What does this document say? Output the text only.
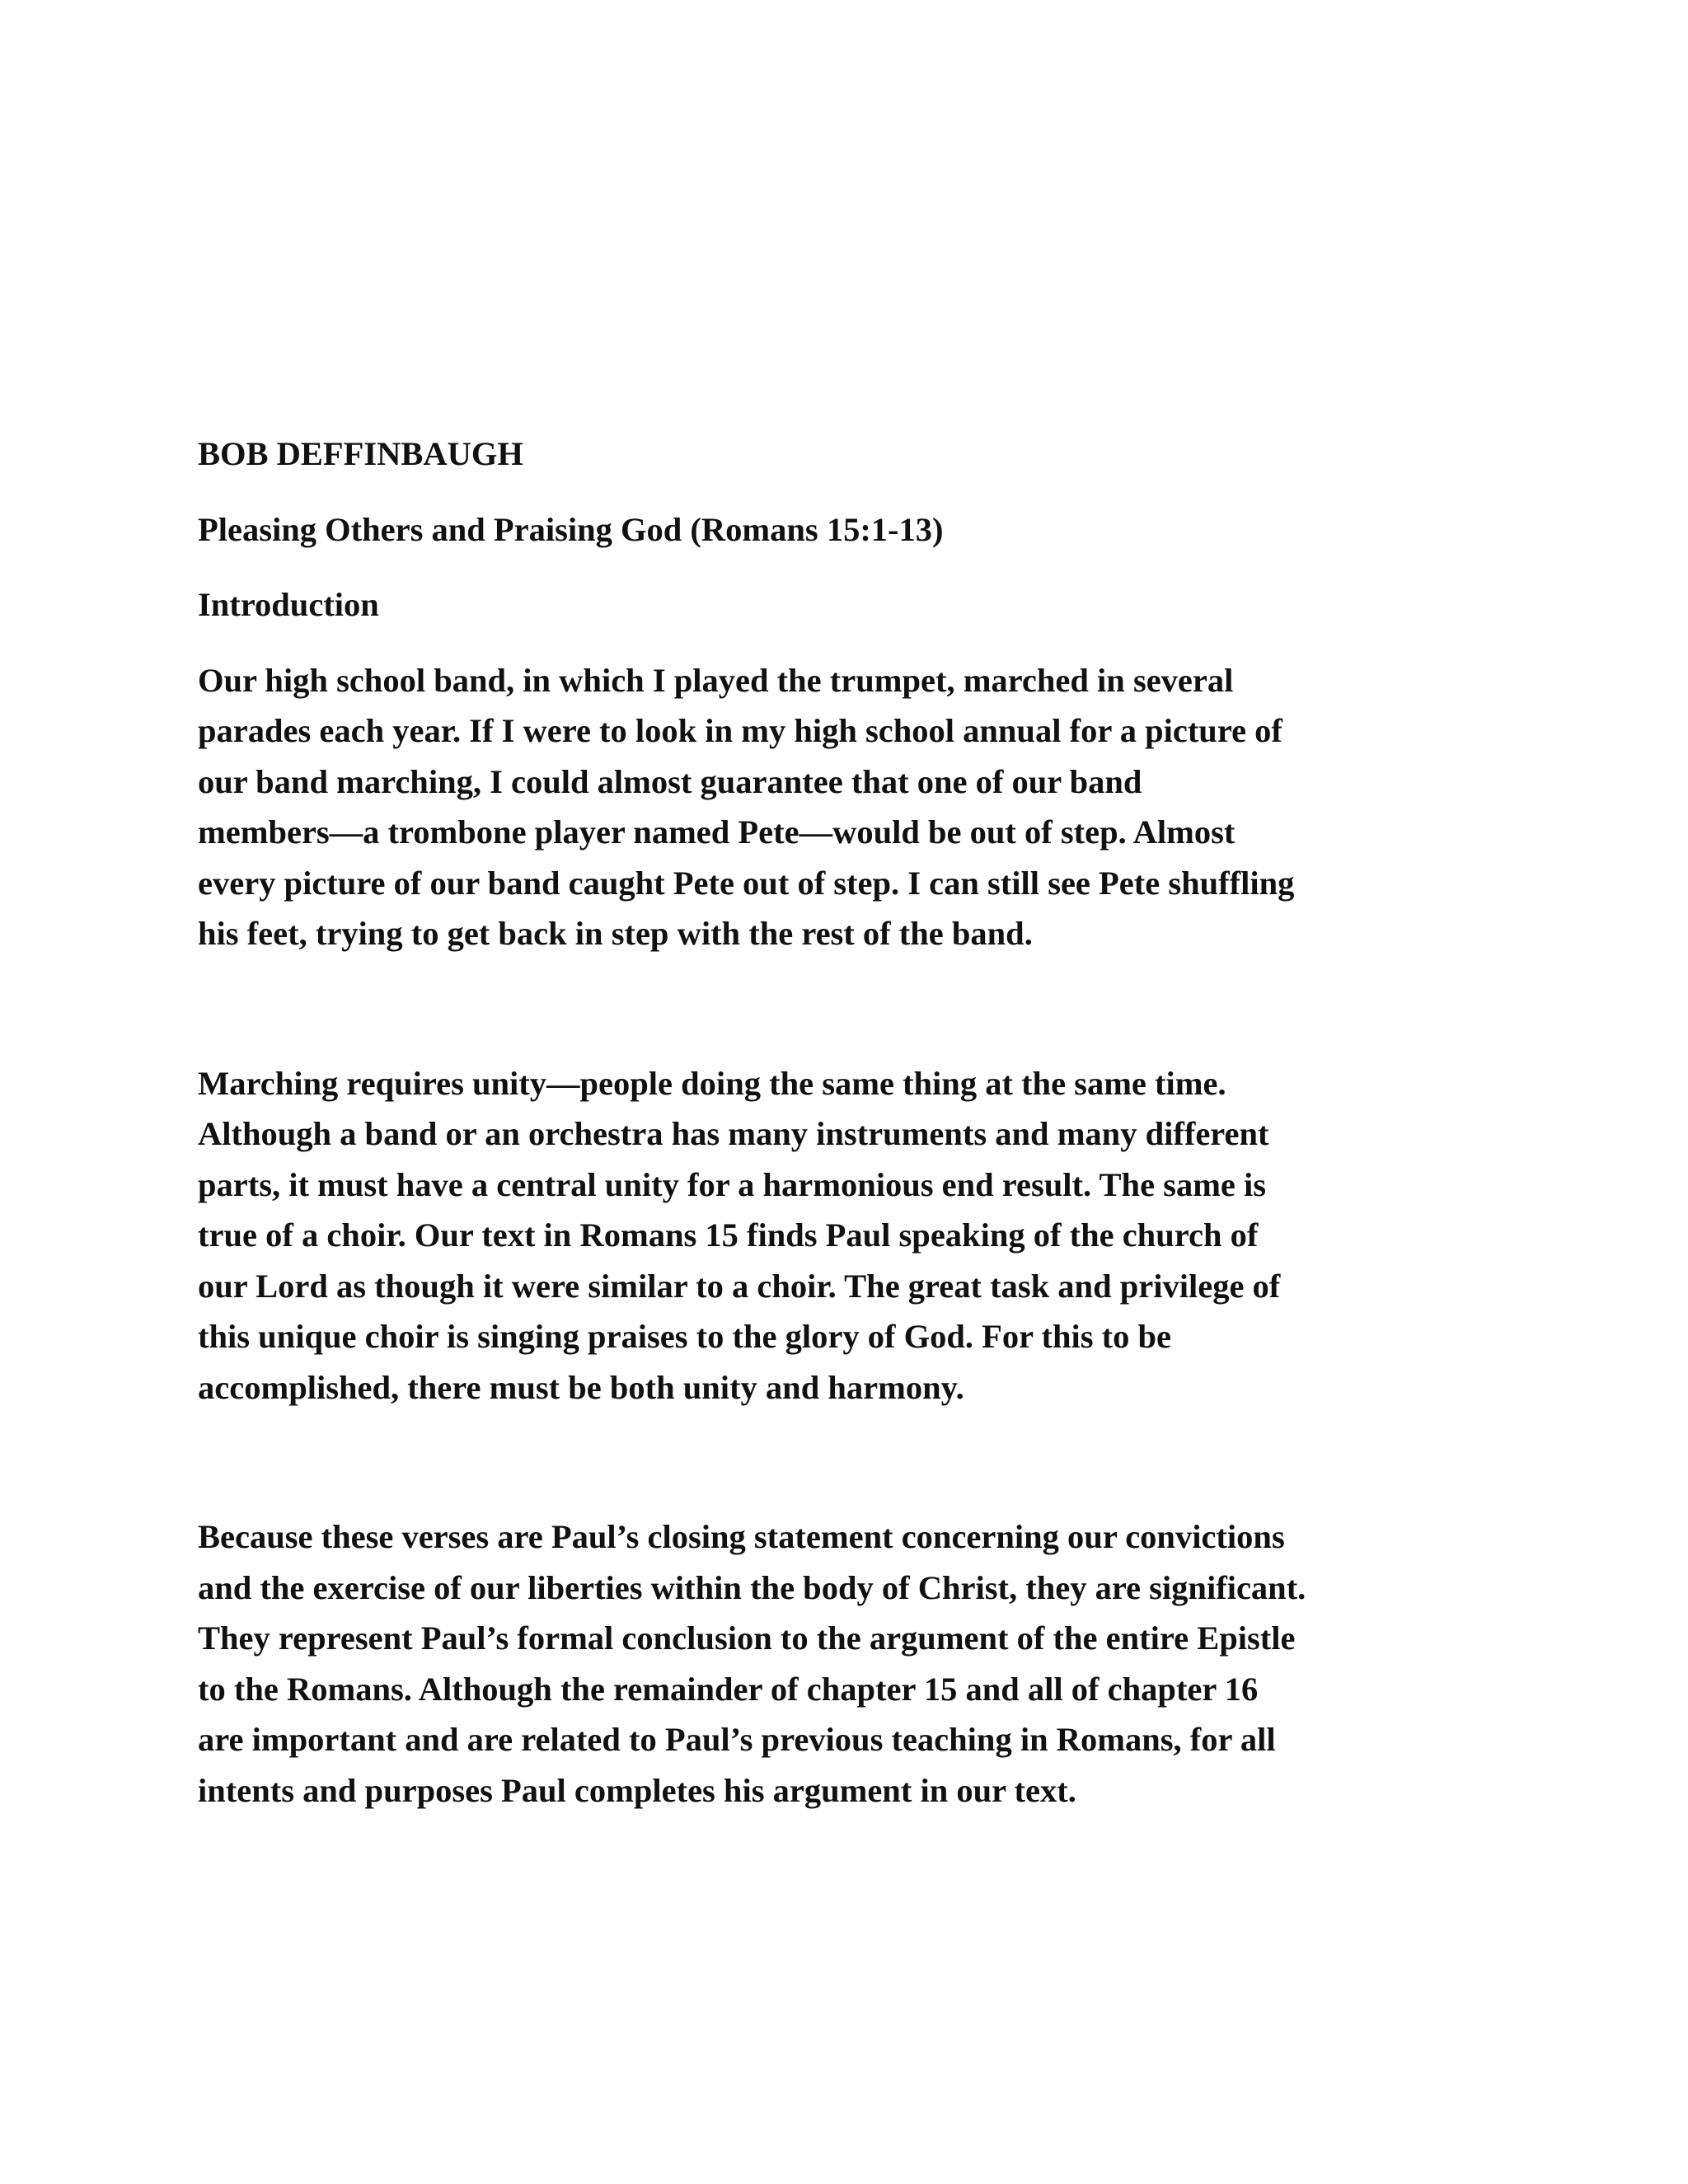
BOB DEFFINBAUGH

Pleasing Others and Praising God (Romans 15:1-13)

Introduction

Our high school band, in which I played the trumpet, marched in several
parades each year. If I were to look in my high school annual for a picture of
our band marching, I could almost guarantee that one of our band
members—a trombone player named Pete—would be out of step. Almost
every picture of our band caught Pete out of step. I can still see Pete shuffling
his feet, trying to get back in step with the rest of the band.
Marching requires unity—people doing the same thing at the same time.
Although a band or an orchestra has many instruments and many different
parts, it must have a central unity for a harmonious end result. The same is
true of a choir. Our text in Romans 15 finds Paul speaking of the church of
our Lord as though it were similar to a choir. The great task and privilege of
this unique choir is singing praises to the glory of God. For this to be
accomplished, there must be both unity and harmony.
Because these verses are Paul’s closing statement concerning our convictions
and the exercise of our liberties within the body of Christ, they are significant.
They represent Paul’s formal conclusion to the argument of the entire Epistle
to the Romans. Although the remainder of chapter 15 and all of chapter 16
are important and are related to Paul’s previous teaching in Romans, for all
intents and purposes Paul completes his argument in our text.
